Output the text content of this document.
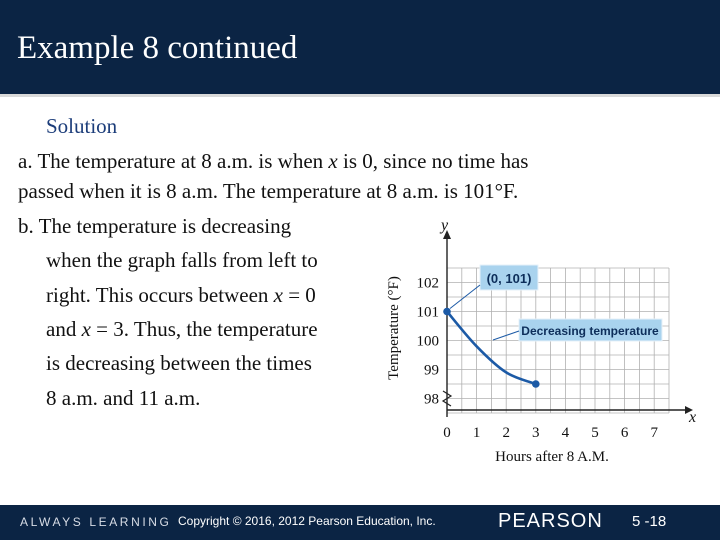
Example 8 continued
Solution
a. The temperature at 8 a.m. is when x is 0, since no time has
passed when it is 8 a.m. The temperature at 8 a.m. is 101°F.
b. The temperature is decreasing
when the graph falls from left to
right. This occurs between x = 0
and x = 3. Thus, the temperature
is decreasing between the times
8 a.m. and 11 a.m.
0 1 2 3 4 5 6 7
98
99
100
101
102
y
x
Hours after 8 A.M.
Temperature (°F)	(0, 101)
Decreasing temperature
ALWAYS LEARNING Copyright © 2016, 2012 Pearson Education, Inc.	PEARSON 5 -18
